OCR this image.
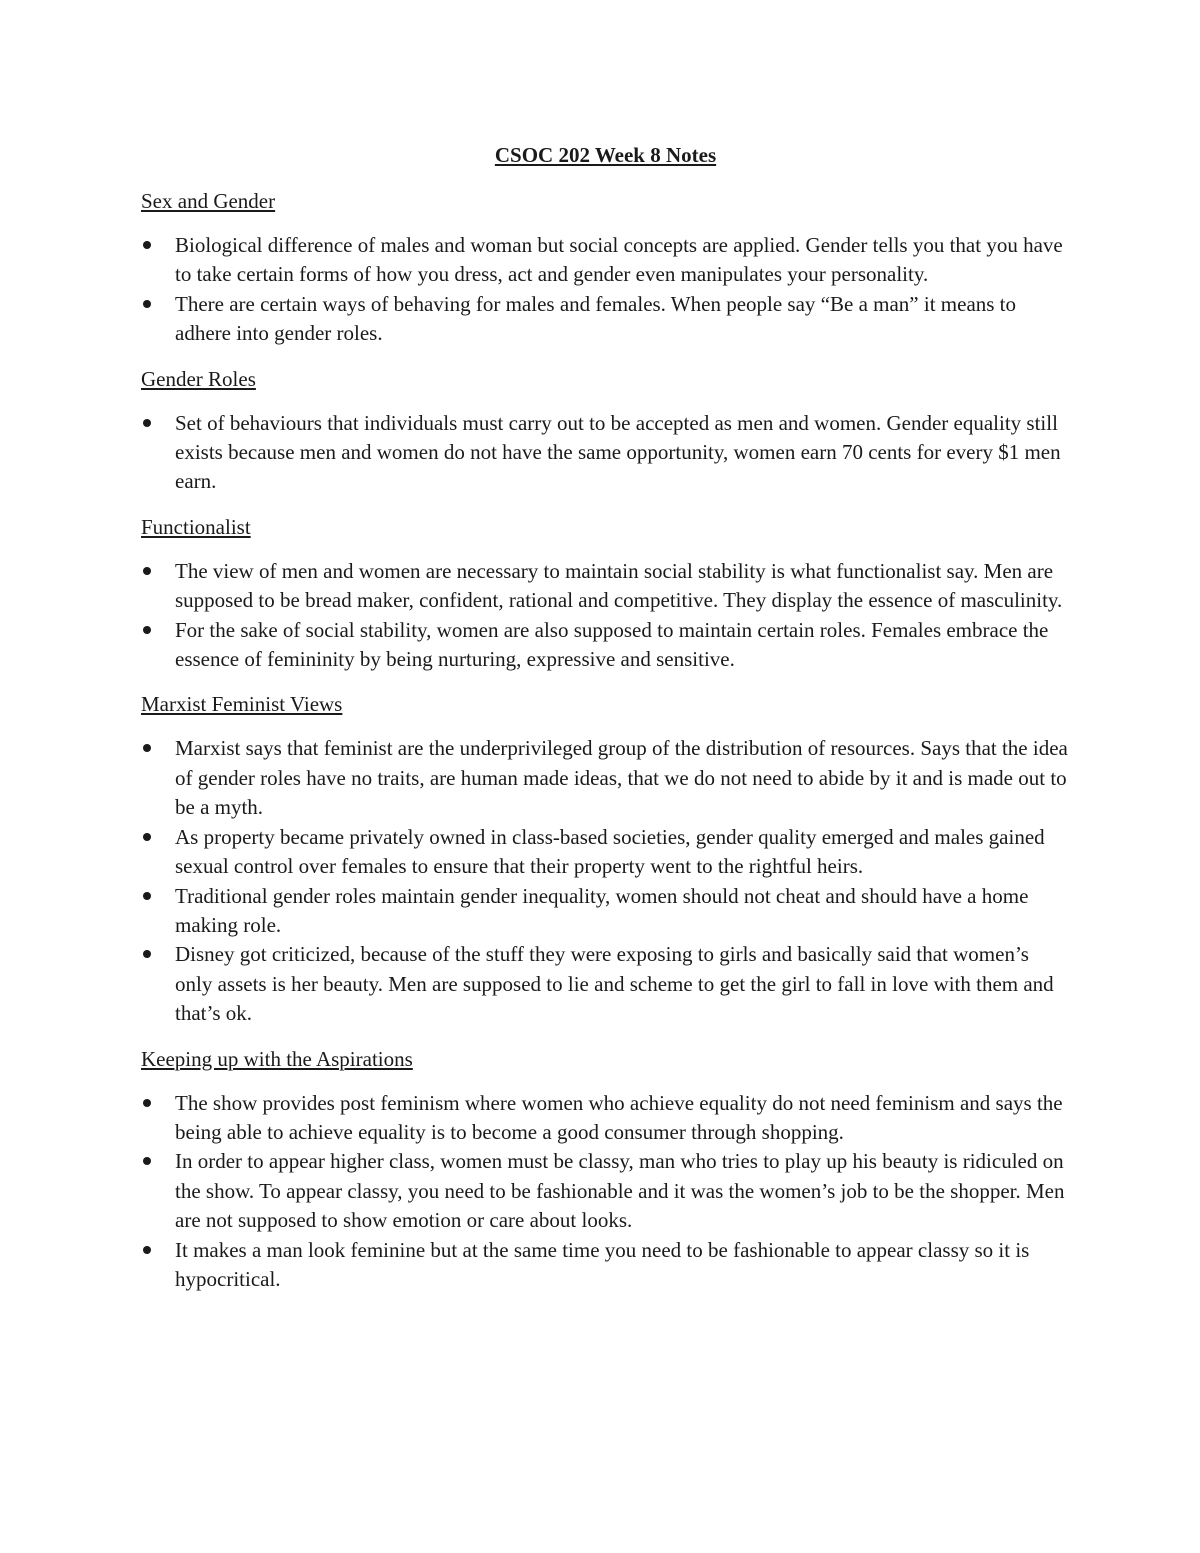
CSOC 202 Week 8 Notes
Sex and Gender
Biological difference of males and woman but social concepts are applied. Gender tells you that you have to take certain forms of how you dress, act and gender even manipulates your personality.
There are certain ways of behaving for males and females. When people say “Be a man” it means to adhere into gender roles.
Gender Roles
Set of behaviours that individuals must carry out to be accepted as men and women. Gender equality still exists because men and women do not have the same opportunity, women earn 70 cents for every $1 men earn.
Functionalist
The view of men and women are necessary to maintain social stability is what functionalist say. Men are supposed to be bread maker, confident, rational and competitive. They display the essence of masculinity.
For the sake of social stability, women are also supposed to maintain certain roles. Females embrace the essence of femininity by being nurturing, expressive and sensitive.
Marxist Feminist Views
Marxist says that feminist are the underprivileged group of the distribution of resources. Says that the idea of gender roles have no traits, are human made ideas, that we do not need to abide by it and is made out to be a myth.
As property became privately owned in class-based societies, gender quality emerged and males gained sexual control over females to ensure that their property went to the rightful heirs.
Traditional gender roles maintain gender inequality, women should not cheat and should have a home making role.
Disney got criticized, because of the stuff they were exposing to girls and basically said that women’s only assets is her beauty. Men are supposed to lie and scheme to get the girl to fall in love with them and that’s ok.
Keeping up with the Aspirations
The show provides post feminism where women who achieve equality do not need feminism and says the being able to achieve equality is to become a good consumer through shopping.
In order to appear higher class, women must be classy, man who tries to play up his beauty is ridiculed on the show. To appear classy, you need to be fashionable and it was the women’s job to be the shopper. Men are not supposed to show emotion or care about looks.
It makes a man look feminine but at the same time you need to be fashionable to appear classy so it is hypocritical.
